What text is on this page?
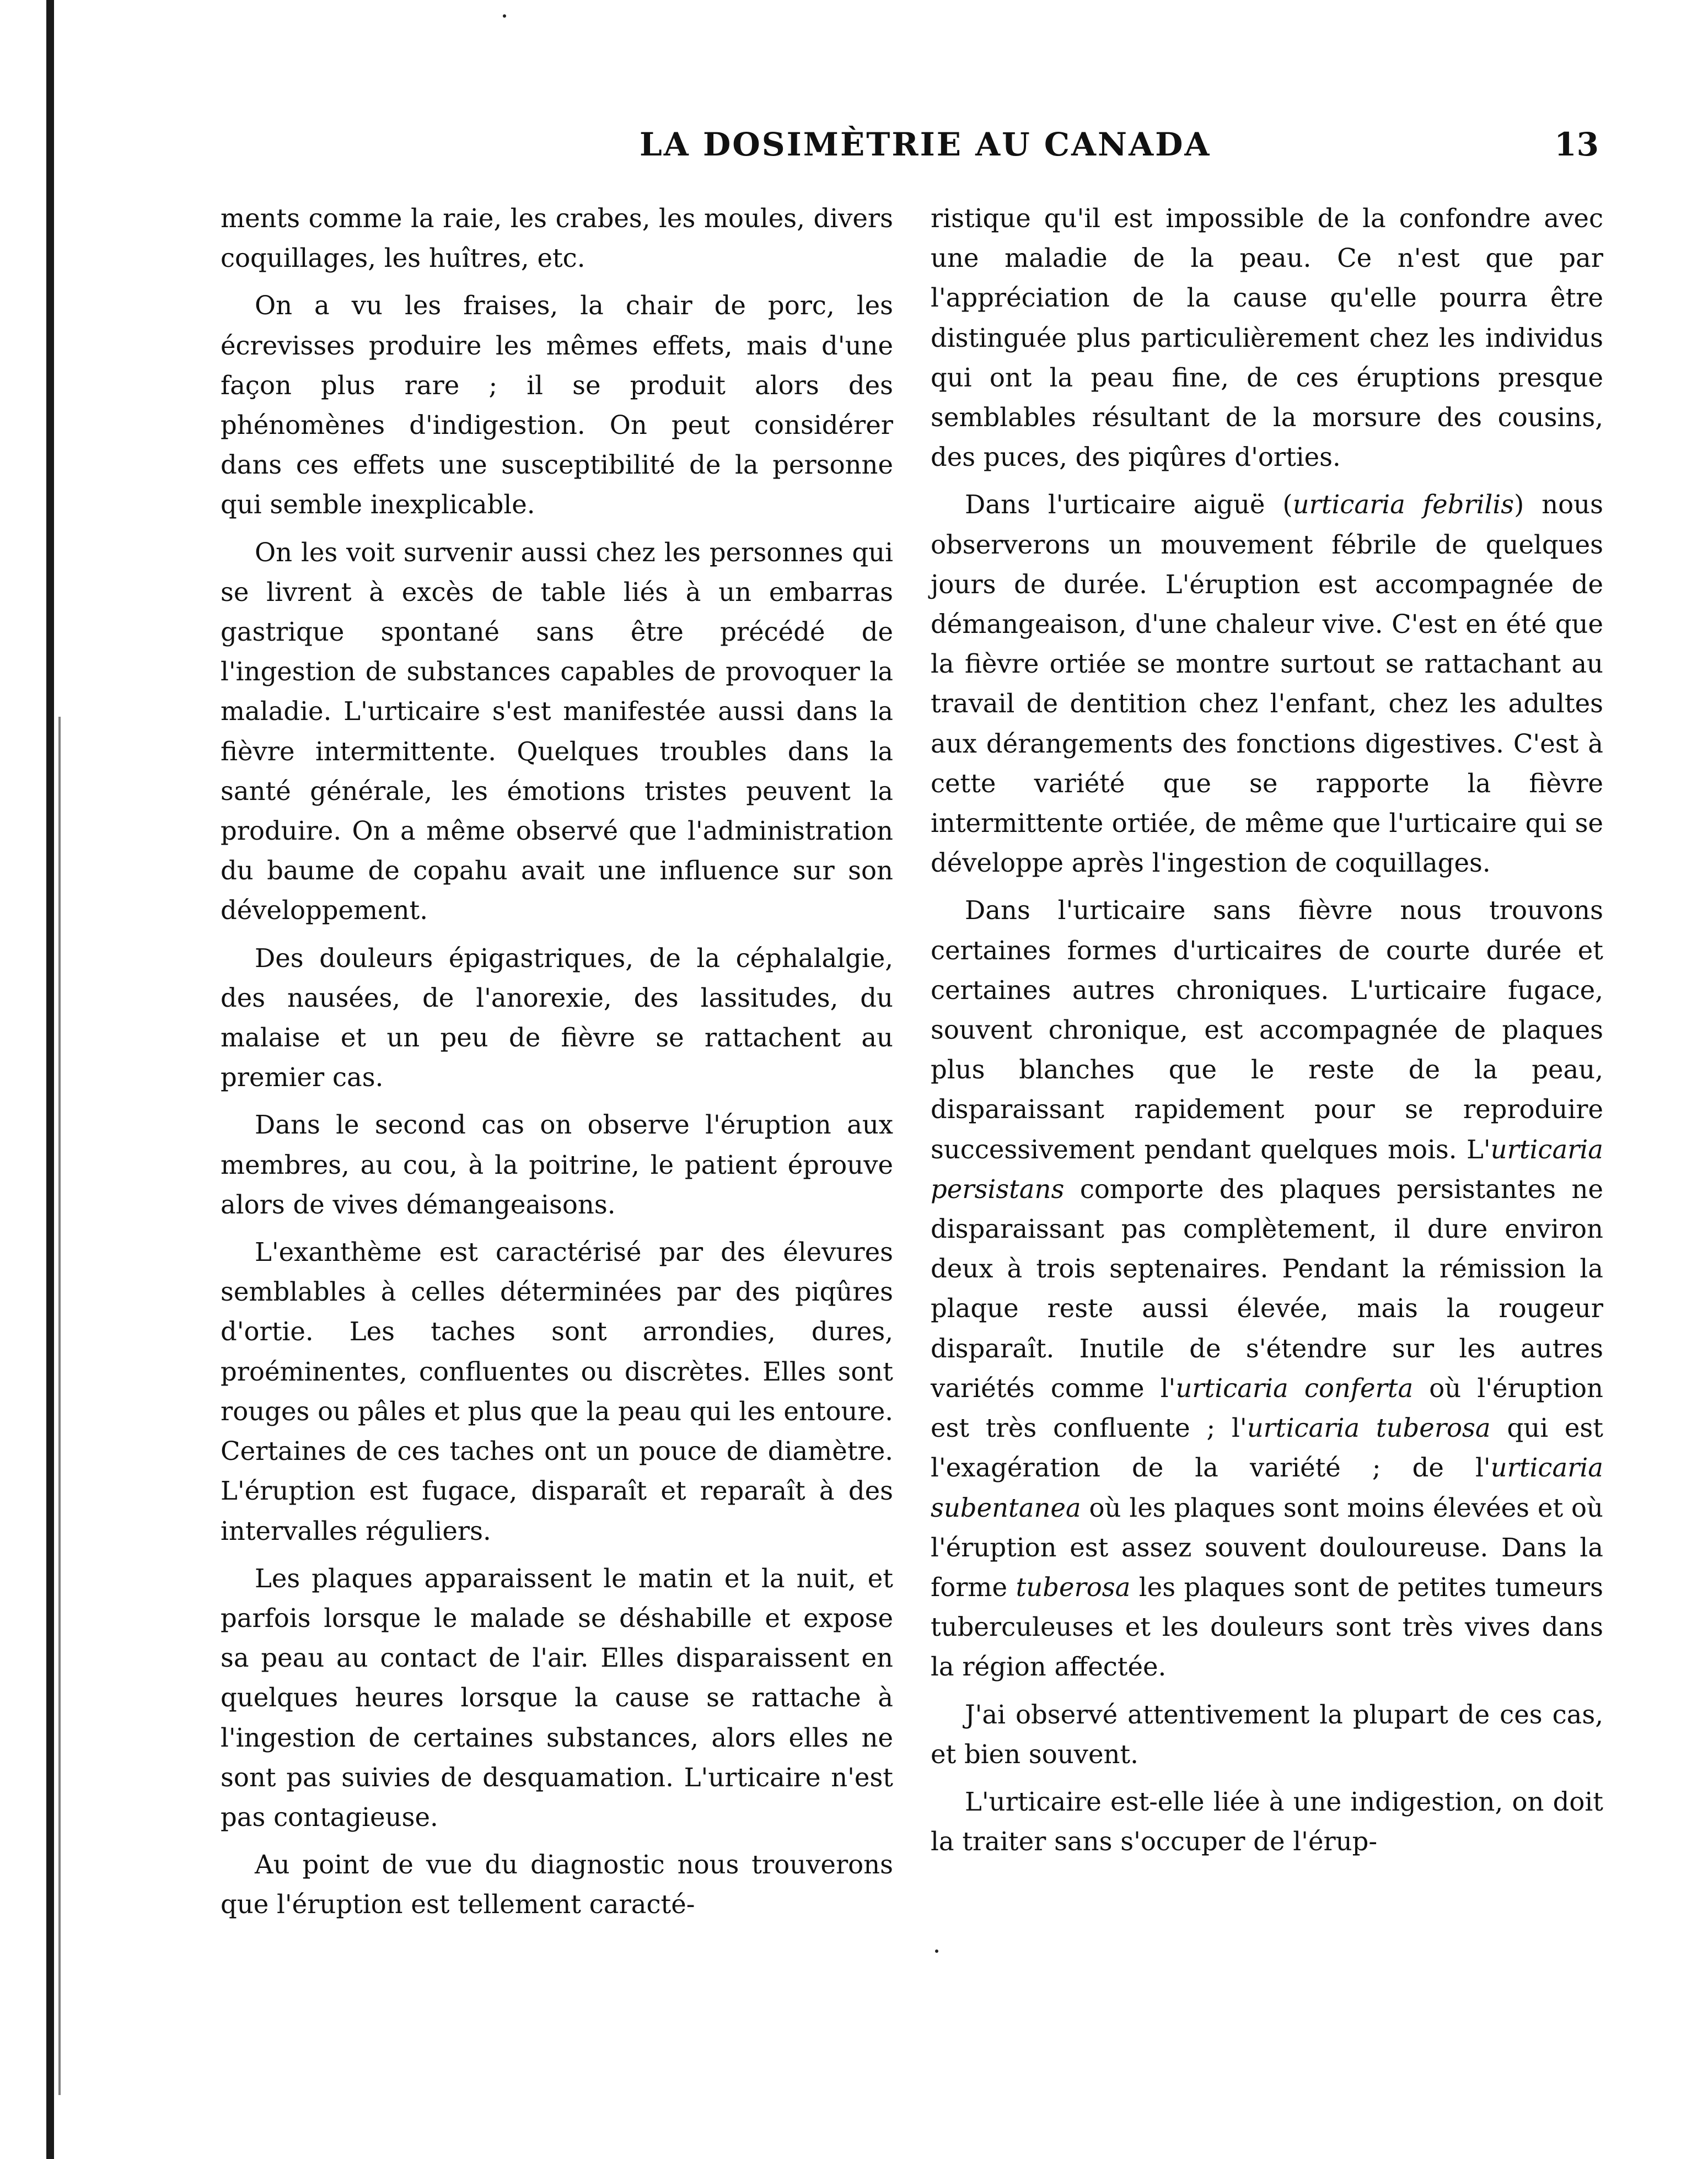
LA DOSIMÈTRIE AU CANADA	13

ments comme la raie, les crabes, les moules, divers coquillages, les huîtres, etc.

On a vu les fraises, la chair de porc, les écrevisses produire les mêmes effets, mais d'une façon plus rare ; il se produit alors des phénomènes d'indigestion. On peut considérer dans ces effets une susceptibilité de la personne qui semble inexplicable.

On les voit survenir aussi chez les personnes qui se livrent à excès de table liés à un embarras gastrique spontané sans être précédé de l'ingestion de substances capables de provoquer la maladie. L'urticaire s'est manifestée aussi dans la fièvre intermittente. Quelques troubles dans la santé générale, les émotions tristes peuvent la produire. On a même observé que l'administration du baume de copahu avait une influence sur son développement.

Des douleurs épigastriques, de la céphalalgie, des nausées, de l'anorexie, des lassitudes, du malaise et un peu de fièvre se rattachent au premier cas.

Dans le second cas on observe l'éruption aux membres, au cou, à la poitrine, le patient éprouve alors de vives démangeaisons.

L'exanthème est caractérisé par des élevures semblables à celles déterminées par des piqûres d'ortie. Les taches sont arrondies, dures, proéminentes, confluentes ou discrètes. Elles sont rouges ou pâles et plus que la peau qui les entoure. Certaines de ces taches ont un pouce de diamètre. L'éruption est fugace, disparaît et reparaît à des intervalles réguliers.

Les plaques apparaissent le matin et la nuit, et parfois lorsque le malade se déshabille et expose sa peau au contact de l'air. Elles disparaissent en quelques heures lorsque la cause se rattache à l'ingestion de certaines substances, alors elles ne sont pas suivies de desquamation. L'urticaire n'est pas contagieuse.

Au point de vue du diagnostic nous trouverons que l'éruption est tellement caracté-

ristique qu'il est impossible de la confondre avec une maladie de la peau. Ce n'est que par l'appréciation de la cause qu'elle pourra être distinguée plus particulièrement chez les individus qui ont la peau fine, de ces éruptions presque semblables résultant de la morsure des cousins, des puces, des piqûres d'orties.

Dans l'urticaire aiguë (urticaria febrilis) nous observerons un mouvement fébrile de quelques jours de durée. L'éruption est accompagnée de démangeaison, d'une chaleur vive. C'est en été que la fièvre ortiée se montre surtout se rattachant au travail de dentition chez l'enfant, chez les adultes aux dérangements des fonctions digestives. C'est à cette variété que se rapporte la fièvre intermittente ortiée, de même que l'urticaire qui se développe après l'ingestion de coquillages.

Dans l'urticaire sans fièvre nous trouvons certaines formes d'urticaires de courte durée et certaines autres chroniques. L'urticaire fugace, souvent chronique, est accompagnée de plaques plus blanches que le reste de la peau, disparaissant rapidement pour se reproduire successivement pendant quelques mois. L'urticaria persistans comporte des plaques persistantes ne disparaissant pas complètement, il dure environ deux à trois septenaires. Pendant la rémission la plaque reste aussi élevée, mais la rougeur disparaît. Inutile de s'étendre sur les autres variétés comme l'urticaria conferta où l'éruption est très confluente ; l'urticaria tuberosa qui est l'exagération de la variété ; de l'urticaria subentanea où les plaques sont moins élevées et où l'éruption est assez souvent douloureuse. Dans la forme tuberosa les plaques sont de petites tumeurs tuberculeuses et les douleurs sont très vives dans la région affectée.

J'ai observé attentivement la plupart de ces cas, et bien souvent.

L'urticaire est-elle liée à une indigestion, on doit la traiter sans s'occuper de l'érup-
